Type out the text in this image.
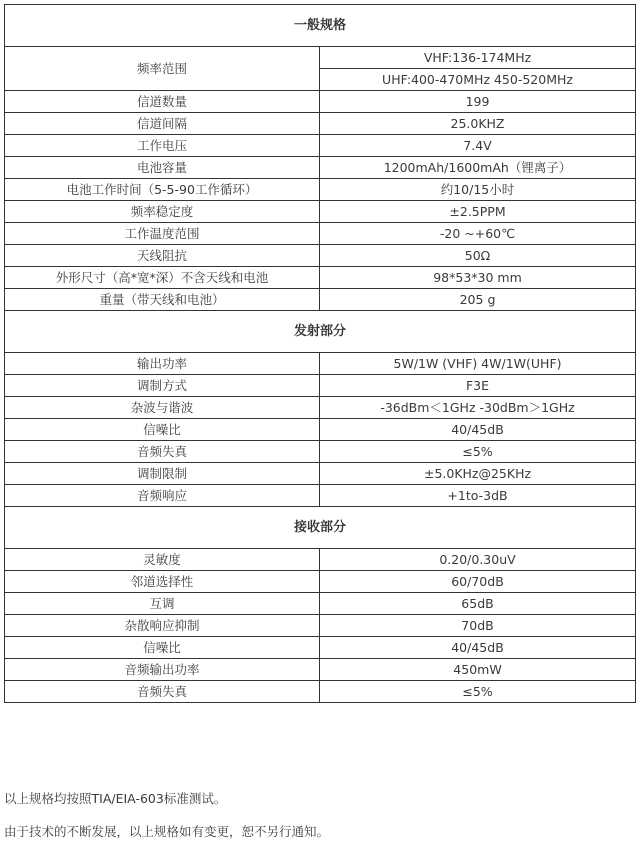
一般规格	
频率范围	VHF:136-174MHz
	UHF:400-470MHz 450-520MHz
信道数量	199
信道间隔	25.0KHZ
工作电压	7.4V
电池容量	1200mAh/1600mAh（锂离子）
电池工作时间（5-5-90工作循环）	约10/15小时
频率稳定度	±2.5PPM
工作温度范围	-20 ~+60℃
天线阻抗	50Ω
外形尺寸（高*宽*深）不含天线和电池	98*53*30 mm
重量（带天线和电池）	205 g
发射部分	
输出功率	5W/1W (VHF) 4W/1W(UHF)
调制方式	F3E
杂波与谐波	-36dBm＜1GHz -30dBm＞1GHz
信噪比	40/45dB
音频失真	≤5%
调制限制	±5.0KHz@25KHz
音频响应	+1to-3dB
接收部分	
灵敏度	0.20/0.30uV
邻道选择性	60/70dB
互调	65dB
杂散响应抑制	70dB
信噪比	40/45dB
音频输出功率	450mW
音频失真	≤5%
以上规格均按照TIA/EIA-603标准测试。
由于技术的不断发展，以上规格如有变更，恕不另行通知。
